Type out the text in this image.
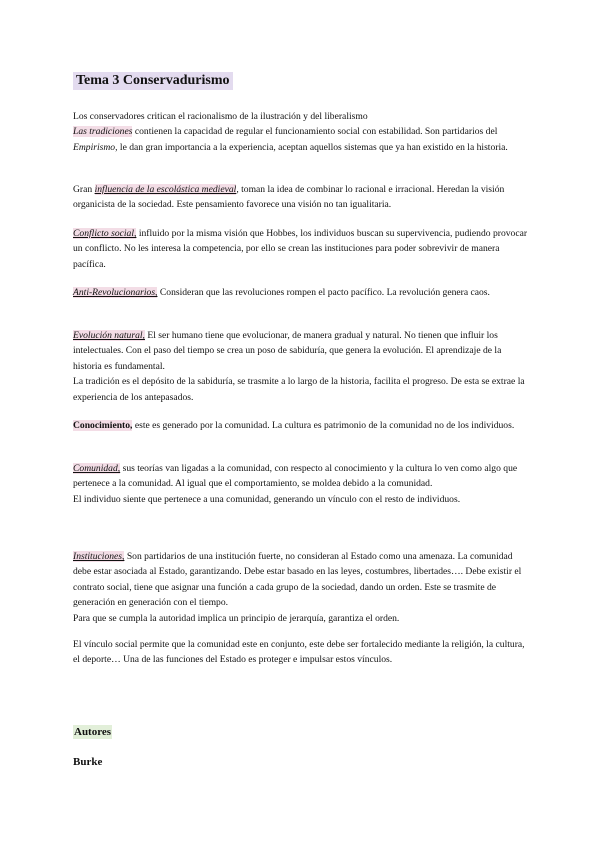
Tema 3 Conservadurismo
Los conservadores critican el racionalismo de la ilustración y del liberalismo
Las tradiciones contienen la capacidad de regular el funcionamiento social con estabilidad. Son partidarios del Empirismo, le dan gran importancia a la experiencia, aceptan aquellos sistemas que ya han existido en la historia.
Gran influencia de la escolástica medieval, toman la idea de combinar lo racional e irracional. Heredan la visión organicista de la sociedad. Este pensamiento favorece una visión no tan igualitaria.
Conflicto social, influido por la misma visión que Hobbes, los individuos buscan su supervivencia, pudiendo provocar un conflicto. No les interesa la competencia, por ello se crean las instituciones para poder sobrevivir de manera pacífica.
Anti-Revolucionarios, Consideran que las revoluciones rompen el pacto pacífico. La revolución genera caos.
Evolución natural, El ser humano tiene que evolucionar, de manera gradual y natural. No tienen que influir los intelectuales. Con el paso del tiempo se crea un poso de sabiduría, que genera la evolución. El aprendizaje de la historia es fundamental.
La tradición es el depósito de la sabiduría, se trasmite a lo largo de la historia, facilita el progreso. De esta se extrae la experiencia de los antepasados.
Conocimiento, este es generado por la comunidad. La cultura es patrimonio de la comunidad no de los individuos.
Comunidad, sus teorías van ligadas a la comunidad, con respecto al conocimiento y la cultura lo ven como algo que pertenece a la comunidad. Al igual que el comportamiento, se moldea debido a la comunidad.
El individuo siente que pertenece a una comunidad, generando un vínculo con el resto de individuos.
Instituciones, Son partidarios de una institución fuerte, no consideran al Estado como una amenaza. La comunidad debe estar asociada al Estado, garantizando. Debe estar basado en las leyes, costumbres, libertades…. Debe existir el contrato social, tiene que asignar una función a cada grupo de la sociedad, dando un orden. Este se trasmite de generación en generación con el tiempo.
Para que se cumpla la autoridad implica un principio de jerarquía, garantiza el orden.
El vínculo social permite que la comunidad este en conjunto, este debe ser fortalecido mediante la religión, la cultura, el deporte… Una de las funciones del Estado es proteger e impulsar estos vínculos.
Autores
Burke
